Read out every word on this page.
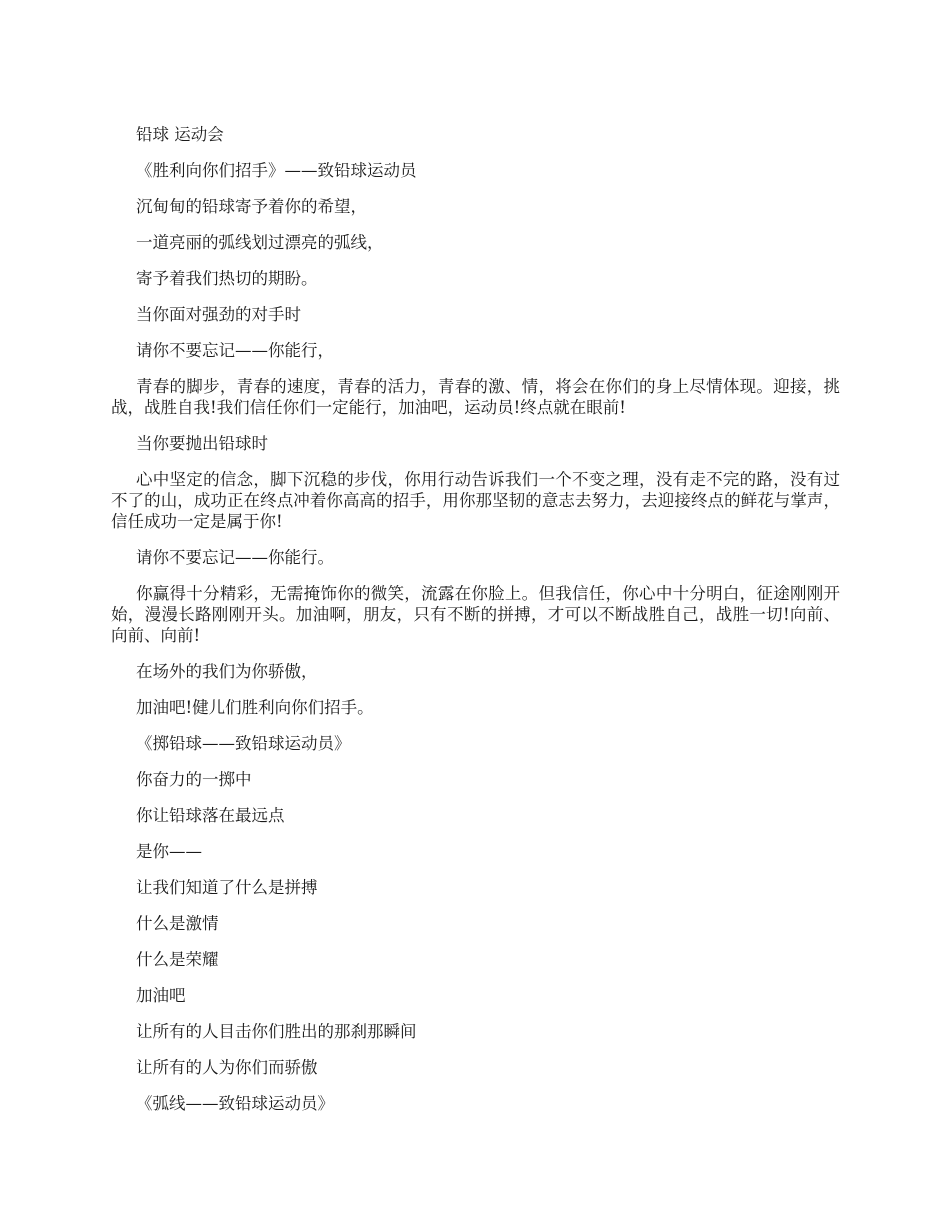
铅球 运动会

《胜利向你们招手》——致铅球运动员

沉甸甸的铅球寄予着你的希望，

一道亮丽的弧线划过漂亮的弧线，

寄予着我们热切的期盼。

当你面对强劲的对手时

请你不要忘记——你能行，

青春的脚步，青春的速度，青春的活力，青春的激、情，将会在你们的身上尽情体现。迎接，挑战，战胜自我!我们信任你们一定能行，加油吧，运动员!终点就在眼前!

当你要抛出铅球时

心中坚定的信念，脚下沉稳的步伐，你用行动告诉我们一个不变之理，没有走不完的路，没有过不了的山，成功正在终点冲着你高高的招手，用你那坚韧的意志去努力，去迎接终点的鲜花与掌声，信任成功一定是属于你!

请你不要忘记——你能行。

你赢得十分精彩，无需掩饰你的微笑，流露在你脸上。但我信任，你心中十分明白，征途刚刚开始，漫漫长路刚刚开头。加油啊，朋友，只有不断的拼搏，才可以不断战胜自己，战胜一切!向前、向前、向前!

在场外的我们为你骄傲，

加油吧!健儿们胜利向你们招手。

《掷铅球——致铅球运动员》

你奋力的一掷中

你让铅球落在最远点

是你——

让我们知道了什么是拼搏

什么是激情

什么是荣耀

加油吧

让所有的人目击你们胜出的那刹那瞬间

让所有的人为你们而骄傲

《弧线——致铅球运动员》
